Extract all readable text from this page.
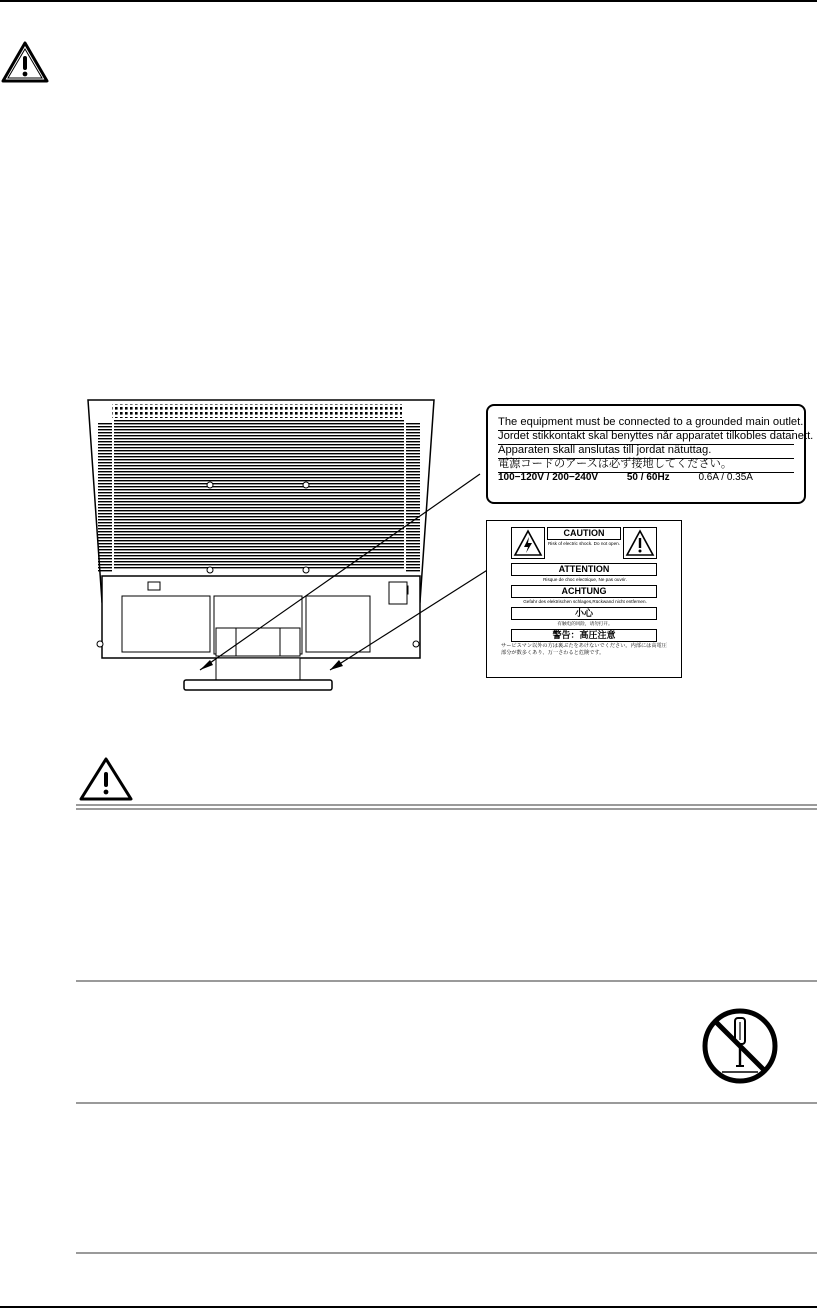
The equipment must be connected to a grounded main outlet.
Jordet stikkontakt skal benyttes når apparatet tilkobles datanett.
Apparaten skall anslutas till jordat nätuttag.
電源コードのアースは必ず接地してください。
100−120V / 200−240V	50 / 60Hz	0.6A / 0.35A
CAUTION
Risk of electric shock. Do not open.
ATTENTION
Risque de choc electrique, Ne pas ouvrir.
ACHTUNG
Gefahr des elektrischen schlages,Rückwand nicht entfernen.
小心
有触电的风险，请勿打开。
警告：高圧注意
サービスマン以外の方は裏ぶたをあけないでください。内部には高電圧部分が数多くあり、万一さわると危険です。
